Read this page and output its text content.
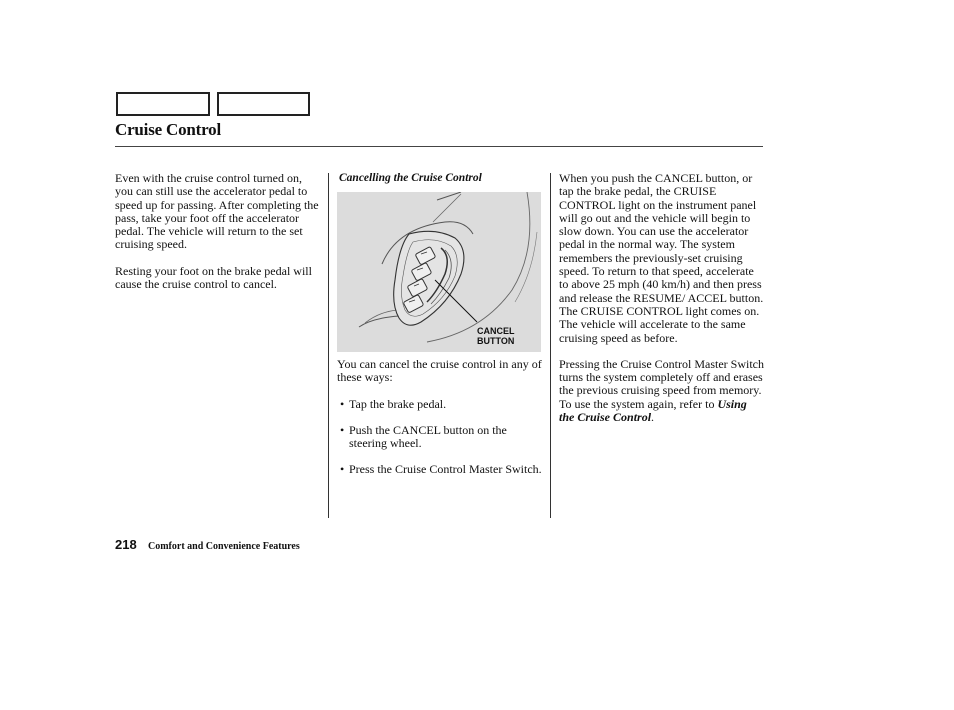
Cruise Control

Even with the cruise control turned on, you can still use the accelerator pedal to speed up for passing. After completing the pass, take your foot off the accelerator pedal. The vehicle will return to the set cruising speed.

Resting your foot on the brake pedal will cause the cruise control to cancel.

Cancelling the Cruise Control
CANCEL
BUTTON

You can cancel the cruise control in any of these ways:

• Tap the brake pedal.
• Push the CANCEL button on the steering wheel.
• Press the Cruise Control Master Switch.

When you push the CANCEL button, or tap the brake pedal, the CRUISE CONTROL light on the instrument panel will go out and the vehicle will begin to slow down. You can use the accelerator pedal in the normal way. The system remembers the previously-set cruising speed. To return to that speed, accelerate to above 25 mph (40 km/h) and then press and release the RESUME/ ACCEL button. The CRUISE CONTROL light comes on. The vehicle will accelerate to the same cruising speed as before.

Pressing the Cruise Control Master Switch turns the system completely off and erases the previous cruising speed from memory. To use the system again, refer to Using the Cruise Control.

218 Comfort and Convenience Features
